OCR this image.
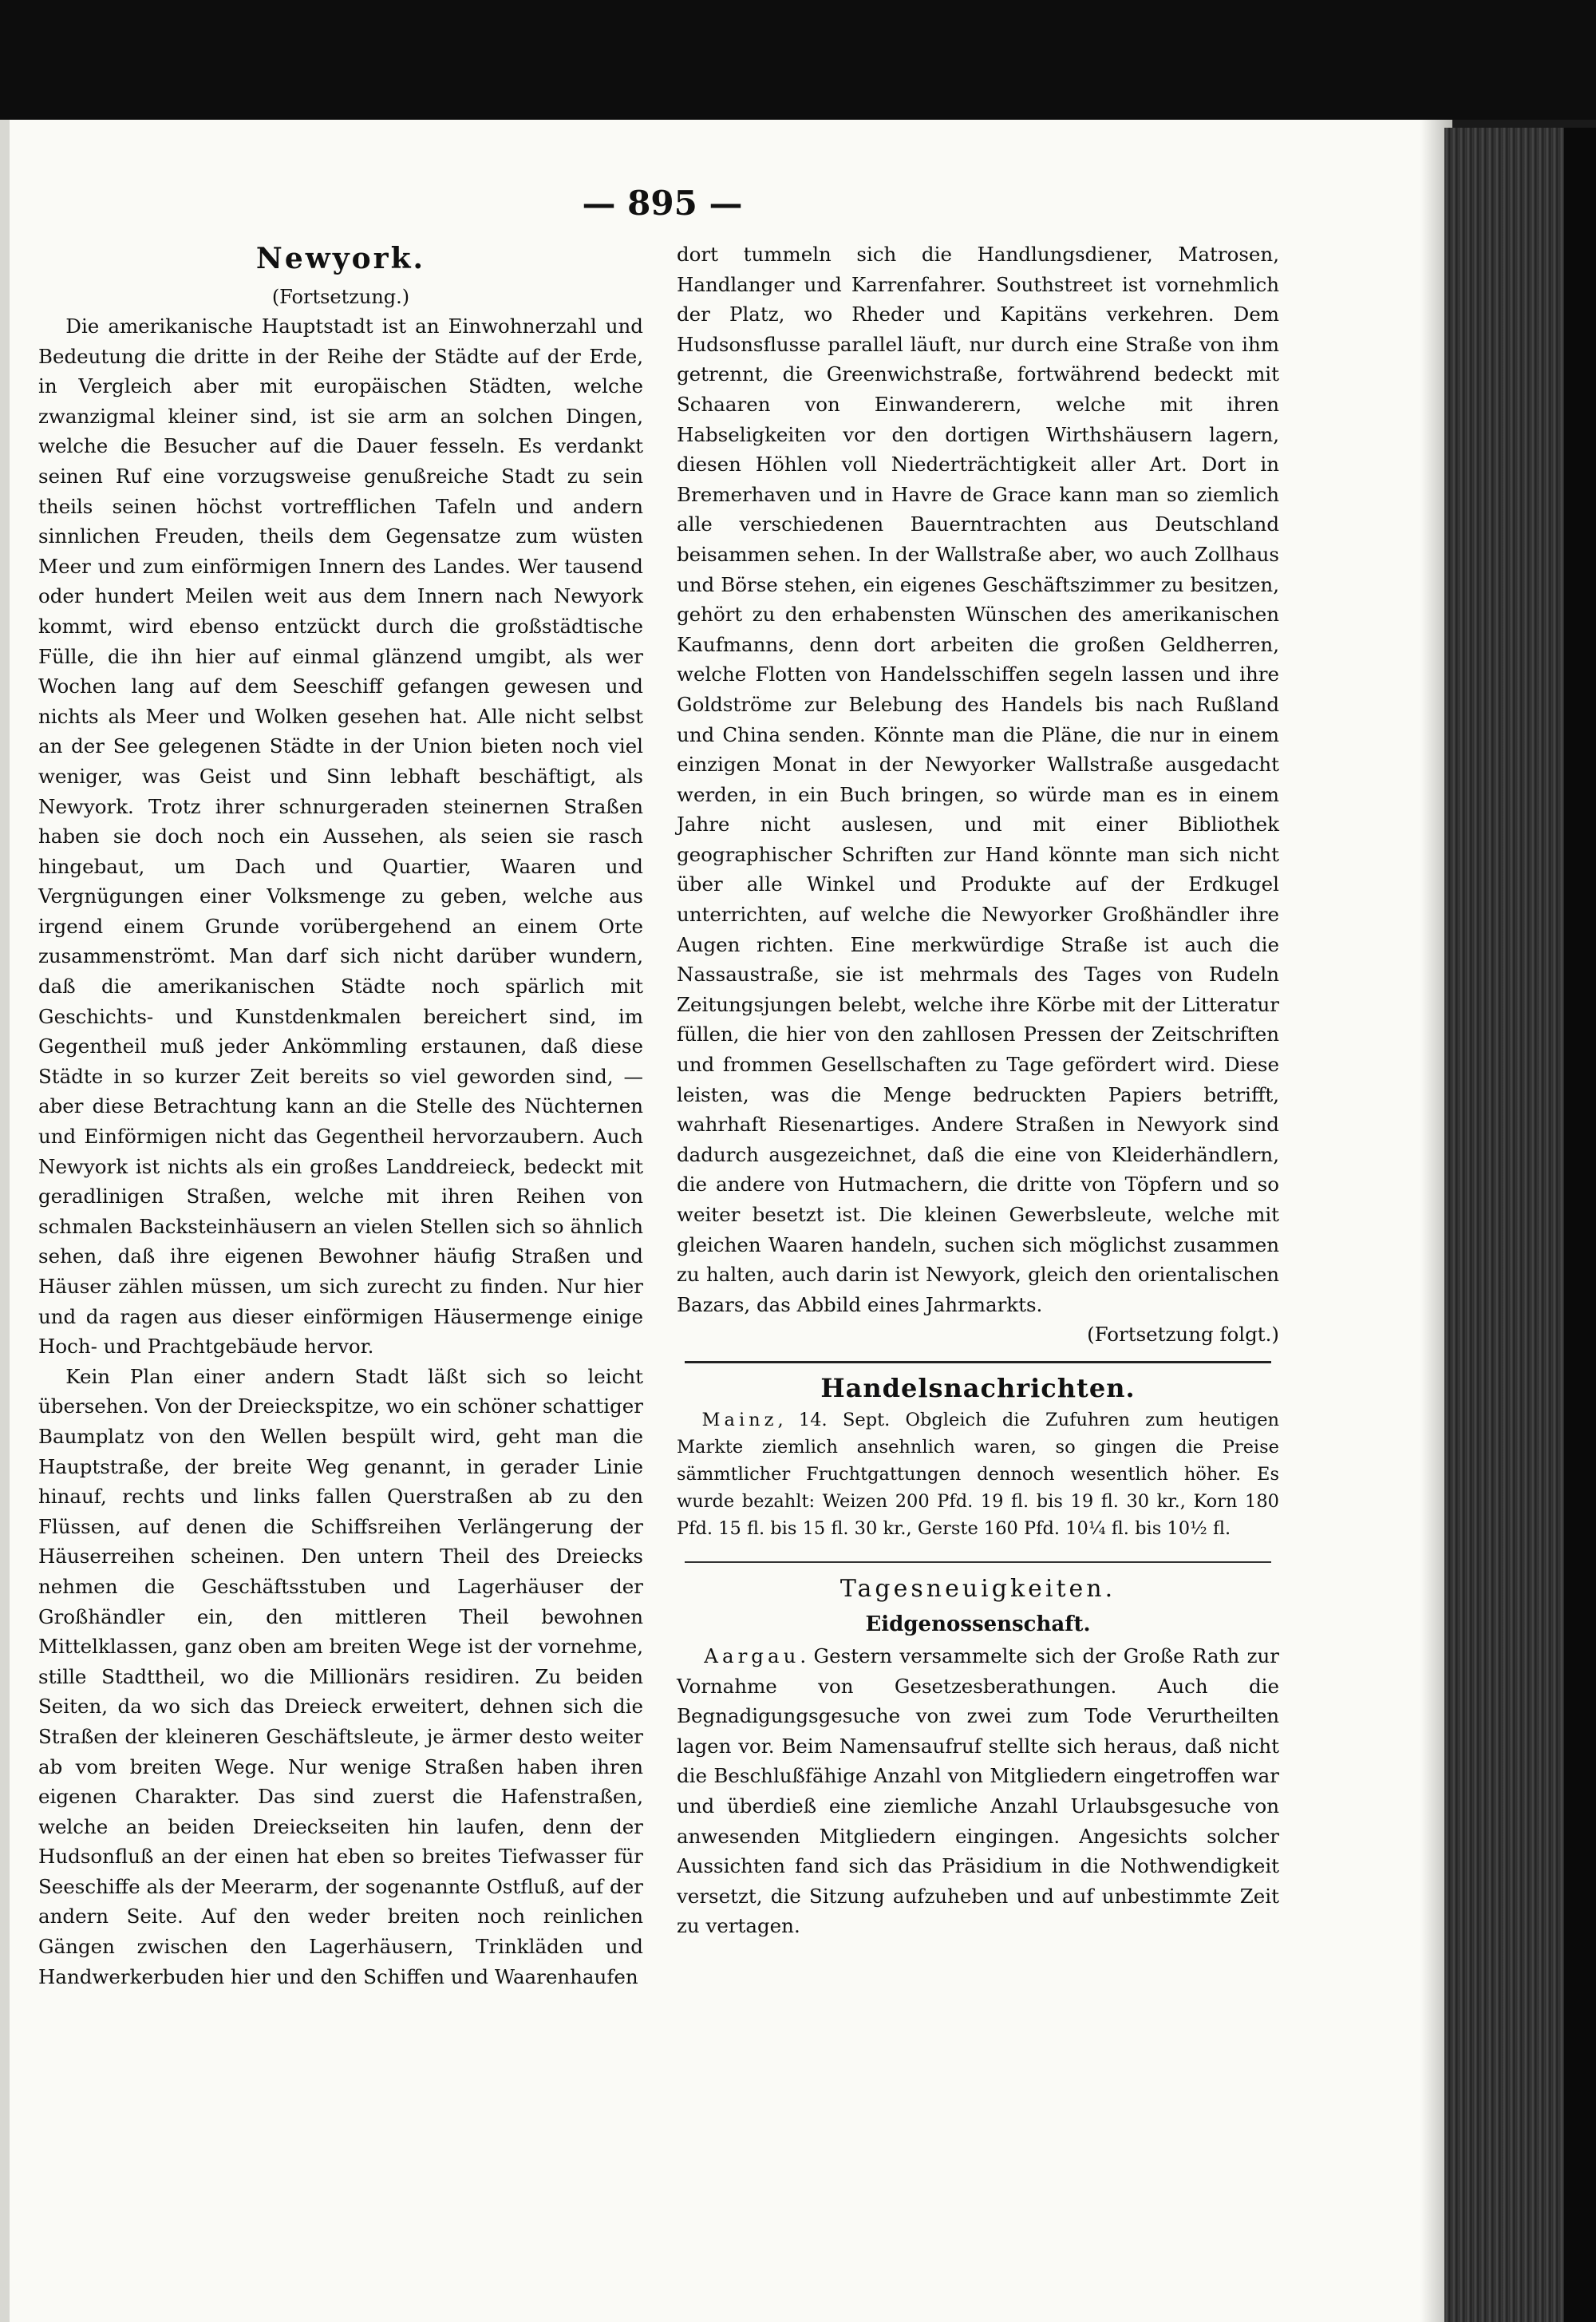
— 895 —

Newyork.

(Fortsetzung.)

Die amerikanische Hauptstadt ist an Einwohnerzahl und Bedeutung die dritte in der Reihe der Städte auf der Erde, in Vergleich aber mit europäischen Städten, welche zwanzigmal kleiner sind, ist sie arm an solchen Dingen, welche die Besucher auf die Dauer fesseln. Es verdankt seinen Ruf eine vorzugsweise genußreiche Stadt zu sein theils seinen höchst vortrefflichen Tafeln und andern sinnlichen Freuden, theils dem Gegensatze zum wüsten Meer und zum einförmigen Innern des Landes. Wer tausend oder hundert Meilen weit aus dem Innern nach Newyork kommt, wird ebenso entzückt durch die großstädtische Fülle, die ihn hier auf einmal glänzend umgibt, als wer Wochen lang auf dem Seeschiff gefangen gewesen und nichts als Meer und Wolken gesehen hat. Alle nicht selbst an der See gelegenen Städte in der Union bieten noch viel weniger, was Geist und Sinn lebhaft beschäftigt, als Newyork. Trotz ihrer schnurgeraden steinernen Straßen haben sie doch noch ein Aussehen, als seien sie rasch hingebaut, um Dach und Quartier, Waaren und Vergnügungen einer Volksmenge zu geben, welche aus irgend einem Grunde vorübergehend an einem Orte zusammenströmt. Man darf sich nicht darüber wundern, daß die amerikanischen Städte noch spärlich mit Geschichts- und Kunstdenkmalen bereichert sind, im Gegentheil muß jeder Ankömmling erstaunen, daß diese Städte in so kurzer Zeit bereits so viel geworden sind, — aber diese Betrachtung kann an die Stelle des Nüchternen und Einförmigen nicht das Gegentheil hervorzaubern. Auch Newyork ist nichts als ein großes Landdreieck, bedeckt mit geradlinigen Straßen, welche mit ihren Reihen von schmalen Backsteinhäusern an vielen Stellen sich so ähnlich sehen, daß ihre eigenen Bewohner häufig Straßen und Häuser zählen müssen, um sich zurecht zu finden. Nur hier und da ragen aus dieser einförmigen Häusermenge einige Hoch- und Prachtgebäude hervor.

Kein Plan einer andern Stadt läßt sich so leicht übersehen. Von der Dreieckspitze, wo ein schöner schattiger Baumplatz von den Wellen bespült wird, geht man die Hauptstraße, der breite Weg genannt, in gerader Linie hinauf, rechts und links fallen Querstraßen ab zu den Flüssen, auf denen die Schiffsreihen Verlängerung der Häuserreihen scheinen. Den untern Theil des Dreiecks nehmen die Geschäftsstuben und Lagerhäuser der Großhändler ein, den mittleren Theil bewohnen Mittelklassen, ganz oben am breiten Wege ist der vornehme, stille Stadttheil, wo die Millionärs residiren. Zu beiden Seiten, da wo sich das Dreieck erweitert, dehnen sich die Straßen der kleineren Geschäftsleute, je ärmer desto weiter ab vom breiten Wege. Nur wenige Straßen haben ihren eigenen Charakter. Das sind zuerst die Hafenstraßen, welche an beiden Dreieckseiten hin laufen, denn der Hudsonfluß an der einen hat eben so breites Tiefwasser für Seeschiffe als der Meerarm, der sogenannte Ostfluß, auf der andern Seite. Auf den weder breiten noch reinlichen Gängen zwischen den Lagerhäusern, Trinkläden und Handwerkerbuden hier und den Schiffen und Waarenhaufen

dort tummeln sich die Handlungsdiener, Matrosen, Handlanger und Karrenfahrer. Southstreet ist vornehmlich der Platz, wo Rheder und Kapitäns verkehren. Dem Hudsonsflusse parallel läuft, nur durch eine Straße von ihm getrennt, die Greenwichstraße, fortwährend bedeckt mit Schaaren von Einwanderern, welche mit ihren Habseligkeiten vor den dortigen Wirthshäusern lagern, diesen Höhlen voll Niederträchtigkeit aller Art. Dort in Bremerhaven und in Havre de Grace kann man so ziemlich alle verschiedenen Bauerntrachten aus Deutschland beisammen sehen. In der Wallstraße aber, wo auch Zollhaus und Börse stehen, ein eigenes Geschäftszimmer zu besitzen, gehört zu den erhabensten Wünschen des amerikanischen Kaufmanns, denn dort arbeiten die großen Geldherren, welche Flotten von Handelsschiffen segeln lassen und ihre Goldströme zur Belebung des Handels bis nach Rußland und China senden. Könnte man die Pläne, die nur in einem einzigen Monat in der Newyorker Wallstraße ausgedacht werden, in ein Buch bringen, so würde man es in einem Jahre nicht auslesen, und mit einer Bibliothek geographischer Schriften zur Hand könnte man sich nicht über alle Winkel und Produkte auf der Erdkugel unterrichten, auf welche die Newyorker Großhändler ihre Augen richten. Eine merkwürdige Straße ist auch die Nassaustraße, sie ist mehrmals des Tages von Rudeln Zeitungsjungen belebt, welche ihre Körbe mit der Litteratur füllen, die hier von den zahllosen Pressen der Zeitschriften und frommen Gesellschaften zu Tage gefördert wird. Diese leisten, was die Menge bedruckten Papiers betrifft, wahrhaft Riesenartiges. Andere Straßen in Newyork sind dadurch ausgezeichnet, daß die eine von Kleiderhändlern, die andere von Hutmachern, die dritte von Töpfern und so weiter besetzt ist. Die kleinen Gewerbsleute, welche mit gleichen Waaren handeln, suchen sich möglichst zusammen zu halten, auch darin ist Newyork, gleich den orientalischen Bazars, das Abbild eines Jahrmarkts.

(Fortsetzung folgt.)

Handelsnachrichten.

Mainz, 14. Sept. Obgleich die Zufuhren zum heutigen Markte ziemlich ansehnlich waren, so gingen die Preise sämmtlicher Fruchtgattungen dennoch wesentlich höher. Es wurde bezahlt: Weizen 200 Pfd. 19 fl. bis 19 fl. 30 kr., Korn 180 Pfd. 15 fl. bis 15 fl. 30 kr., Gerste 160 Pfd. 10¼ fl. bis 10½ fl.

Tagesneuigkeiten.

Eidgenossenschaft.

Aargau. Gestern versammelte sich der Große Rath zur Vornahme von Gesetzesberathungen. Auch die Begnadigungsgesuche von zwei zum Tode Verurtheilten lagen vor. Beim Namensaufruf stellte sich heraus, daß nicht die Beschlußfähige Anzahl von Mitgliedern eingetroffen war und überdieß eine ziemliche Anzahl Urlaubsgesuche von anwesenden Mitgliedern eingingen. Angesichts solcher Aussichten fand sich das Präsidium in die Nothwendigkeit versetzt, die Sitzung aufzuheben und auf unbestimmte Zeit zu vertagen.
